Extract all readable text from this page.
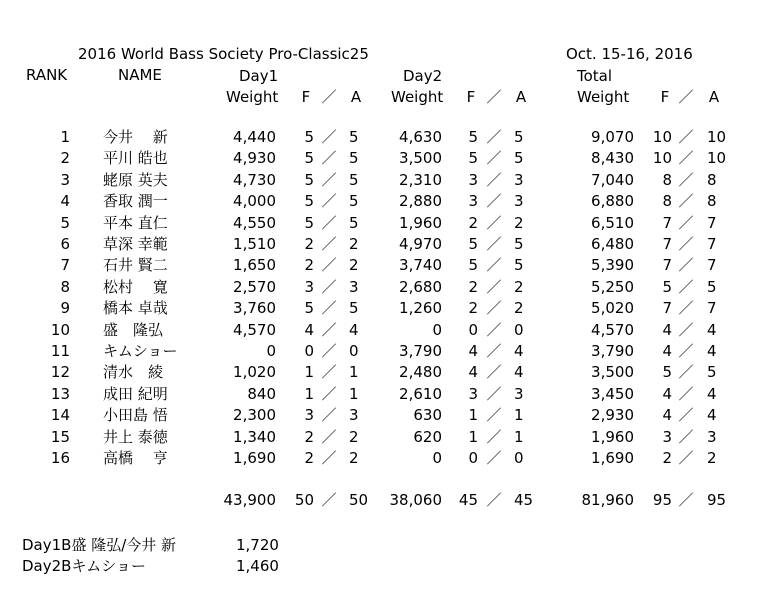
2016 World Bass Society Pro-Classic25	Oct. 15-16, 2016
RANK	NAME	Day1	Day2	Total
Weight	F ／ A	Weight	F ／ A	Weight	F ／	A
1 今井　 新	4,440	5 ／ 5	4,630	5 ／ 5	9,070	10 ／ 10
2 平川 皓也	4,930	5 ／ 5	3,500	5 ／ 5	8,430	10 ／ 10
3 蛯原 英夫	4,730	5 ／ 5	2,310	3 ／ 3	7,040	8 ／ 8
4 香取 潤一	4,000	5 ／ 5	2,880	3 ／ 3	6,880	8 ／ 8
5 平本 直仁	4,550	5 ／ 5	1,960	2 ／ 2	6,510	7 ／ 7
6 草深 幸範	1,510	2 ／ 2	4,970	5 ／ 5	6,480	7 ／ 7
7 石井 賢二	1,650	2 ／ 2	3,740	5 ／ 5	5,390	7 ／ 7
8 松村　 寛	2,570	3 ／ 3	2,680	2 ／ 2	5,250	5 ／ 5
9 橋本 卓哉	3,760	5 ／ 5	1,260	2 ／ 2	5,020	7 ／ 7
10 盛　隆弘	4,570	4 ／ 4	0	0 ／ 0	4,570	4 ／ 4
11 キムショー	0	0 ／ 0	3,790	4 ／ 4	3,790	4 ／ 4
12 清水　綾	1,020	1 ／ 1	2,480	4 ／ 4	3,500	5 ／ 5
13 成田 紀明	840	1 ／ 1	2,610	3 ／ 3	3,450	4 ／ 4
14 小田島 悟	2,300	3 ／ 3	630	1 ／ 1	2,930	4 ／ 4
15 井上 泰徳	1,340	2 ／ 2	620	1 ／ 1	1,960	3 ／ 3
16 高橋　 亨	1,690	2 ／ 2	0	0 ／ 0	1,690	2 ／ 2
43,900	50 ／ 50	38,060	45 ／ 45	81,960	95 ／ 95
Day1B盛 隆弘/今井 新	1,720
Day2Bキムショー	1,460
